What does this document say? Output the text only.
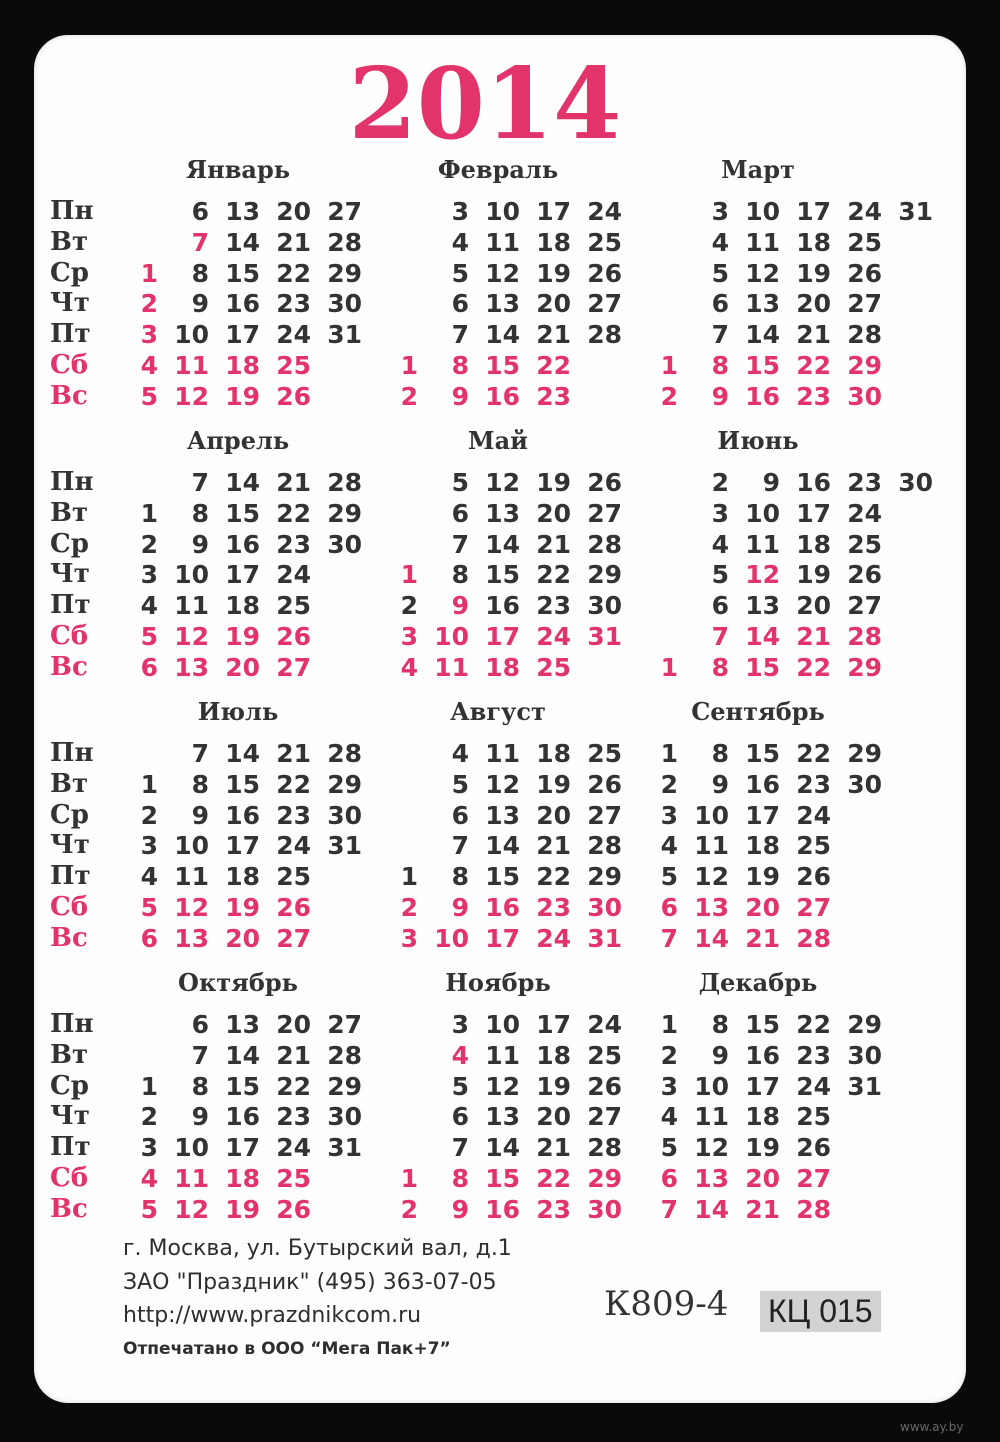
2014
Январь
1
2
3
4
5
6
7
8
9
10
11
12
13
14
15
16
17
18
19
20
21
22
23
24
25
26
27
28
29
30
31
Февраль
1
2
3
4
5
6
7
8
9
10
11
12
13
14
15
16
17
18
19
20
21
22
23
24
25
26
27
28
Март
1
2
3
4
5
6
7
8
9
10
11
12
13
14
15
16
17
18
19
20
21
22
23
24
25
26
27
28
29
30
31
Апрель
1
2
3
4
5
6
7
8
9
10
11
12
13
14
15
16
17
18
19
20
21
22
23
24
25
26
27
28
29
30
Май
1
2
3
4
5
6
7
8
9
10
11
12
13
14
15
16
17
18
19
20
21
22
23
24
25
26
27
28
29
30
31
Июнь
1
2
3
4
5
6
7
8
9
10
11
12
13
14
15
16
17
18
19
20
21
22
23
24
25
26
27
28
29
30
Июль
1
2
3
4
5
6
7
8
9
10
11
12
13
14
15
16
17
18
19
20
21
22
23
24
25
26
27
28
29
30
31
Август
1
2
3
4
5
6
7
8
9
10
11
12
13
14
15
16
17
18
19
20
21
22
23
24
25
26
27
28
29
30
31
Сентябрь
1
2
3
4
5
6
7
8
9
10
11
12
13
14
15
16
17
18
19
20
21
22
23
24
25
26
27
28
29
30
Октябрь
1
2
3
4
5
6
7
8
9
10
11
12
13
14
15
16
17
18
19
20
21
22
23
24
25
26
27
28
29
30
31
Ноябрь
1
2
3
4
5
6
7
8
9
10
11
12
13
14
15
16
17
18
19
20
21
22
23
24
25
26
27
28
29
30
Декабрь
1
2
3
4
5
6
7
8
9
10
11
12
13
14
15
16
17
18
19
20
21
22
23
24
25
26
27
28
29
30
31
Пн
Вт
Ср
Чт
Пт
Сб
Вс
Пн
Вт
Ср
Чт
Пт
Сб
Вс
Пн
Вт
Ср
Чт
Пт
Сб
Вс
Пн
Вт
Ср
Чт
Пт
Сб
Вс
г. Москва, ул. Бутырский вал, д.1
ЗАО "Праздник" (495) 363-07-05
http://www.prazdnikcom.ru
Отпечатано в ООО “Мега Пак+7”
К809-4 КЦ 015
www.ay.by
